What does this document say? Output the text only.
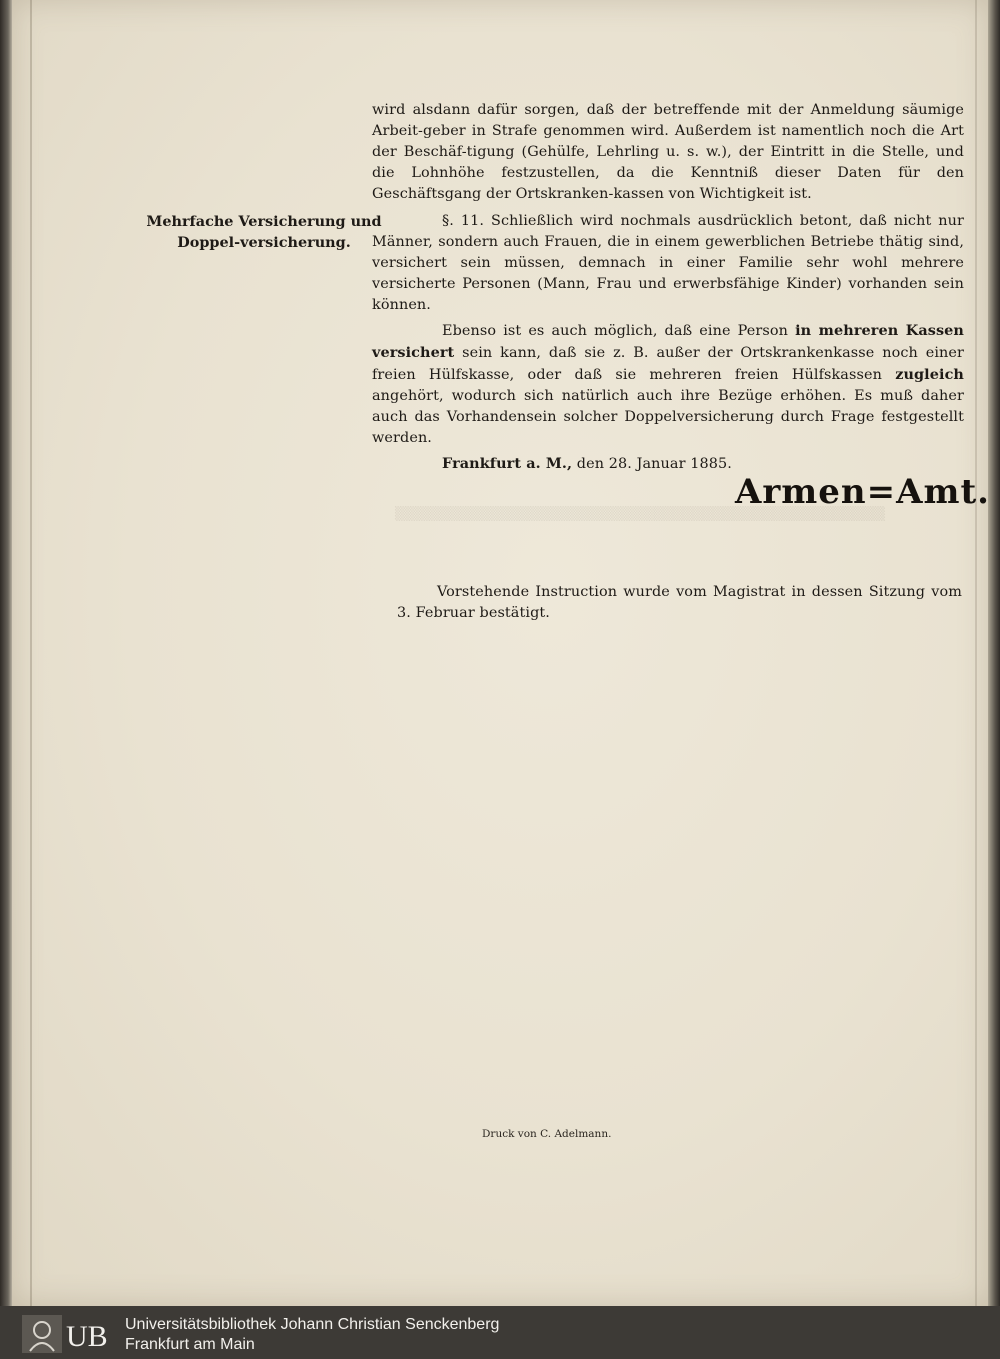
▒▒▒▒▒▒▒▒▒▒▒▒▒▒▒▒▒▒▒▒▒▒▒▒▒▒▒▒▒▒▒▒▒▒▒▒▒▒▒▒▒▒▒▒▒▒▒▒▒

wird alsdann dafür sorgen, daß der betreffende mit der Anmeldung säumige Arbeit-geber in Strafe genommen wird. Außerdem ist namentlich noch die Art der Beschäf-tigung (Gehülfe, Lehrling u. s. w.), der Eintritt in die Stelle, und die Lohnhöhe festzustellen, da die Kenntniß dieser Daten für den Geschäftsgang der Ortskranken-kassen von Wichtigkeit ist.
Mehrfache Versicherung und Doppel-versicherung.
§. 11. Schließlich wird nochmals ausdrücklich betont, daß nicht nur Männer, sondern auch Frauen, die in einem gewerblichen Betriebe thätig sind, versichert sein müssen, demnach in einer Familie sehr wohl mehrere versicherte Personen (Mann, Frau und erwerbsfähige Kinder) vorhanden sein können.
Ebenso ist es auch möglich, daß eine Person in mehreren Kassen versichert sein kann, daß sie z. B. außer der Ortskrankenkasse noch einer freien Hülfskasse, oder daß sie mehreren freien Hülfskassen zugleich angehört, wodurch sich natürlich auch ihre Bezüge erhöhen. Es muß daher auch das Vorhandensein solcher Doppelversicherung durch Frage festgestellt werden.
Frankfurt a. M., den 28. Januar 1885.
Armen=Amt.
Vorstehende Instruction wurde vom Magistrat in dessen Sitzung vom 3. Februar bestätigt.
Druck von C. Adelmann.
UB Universitätsbibliothek Johann Christian Senckenberg
Frankfurt am Main
